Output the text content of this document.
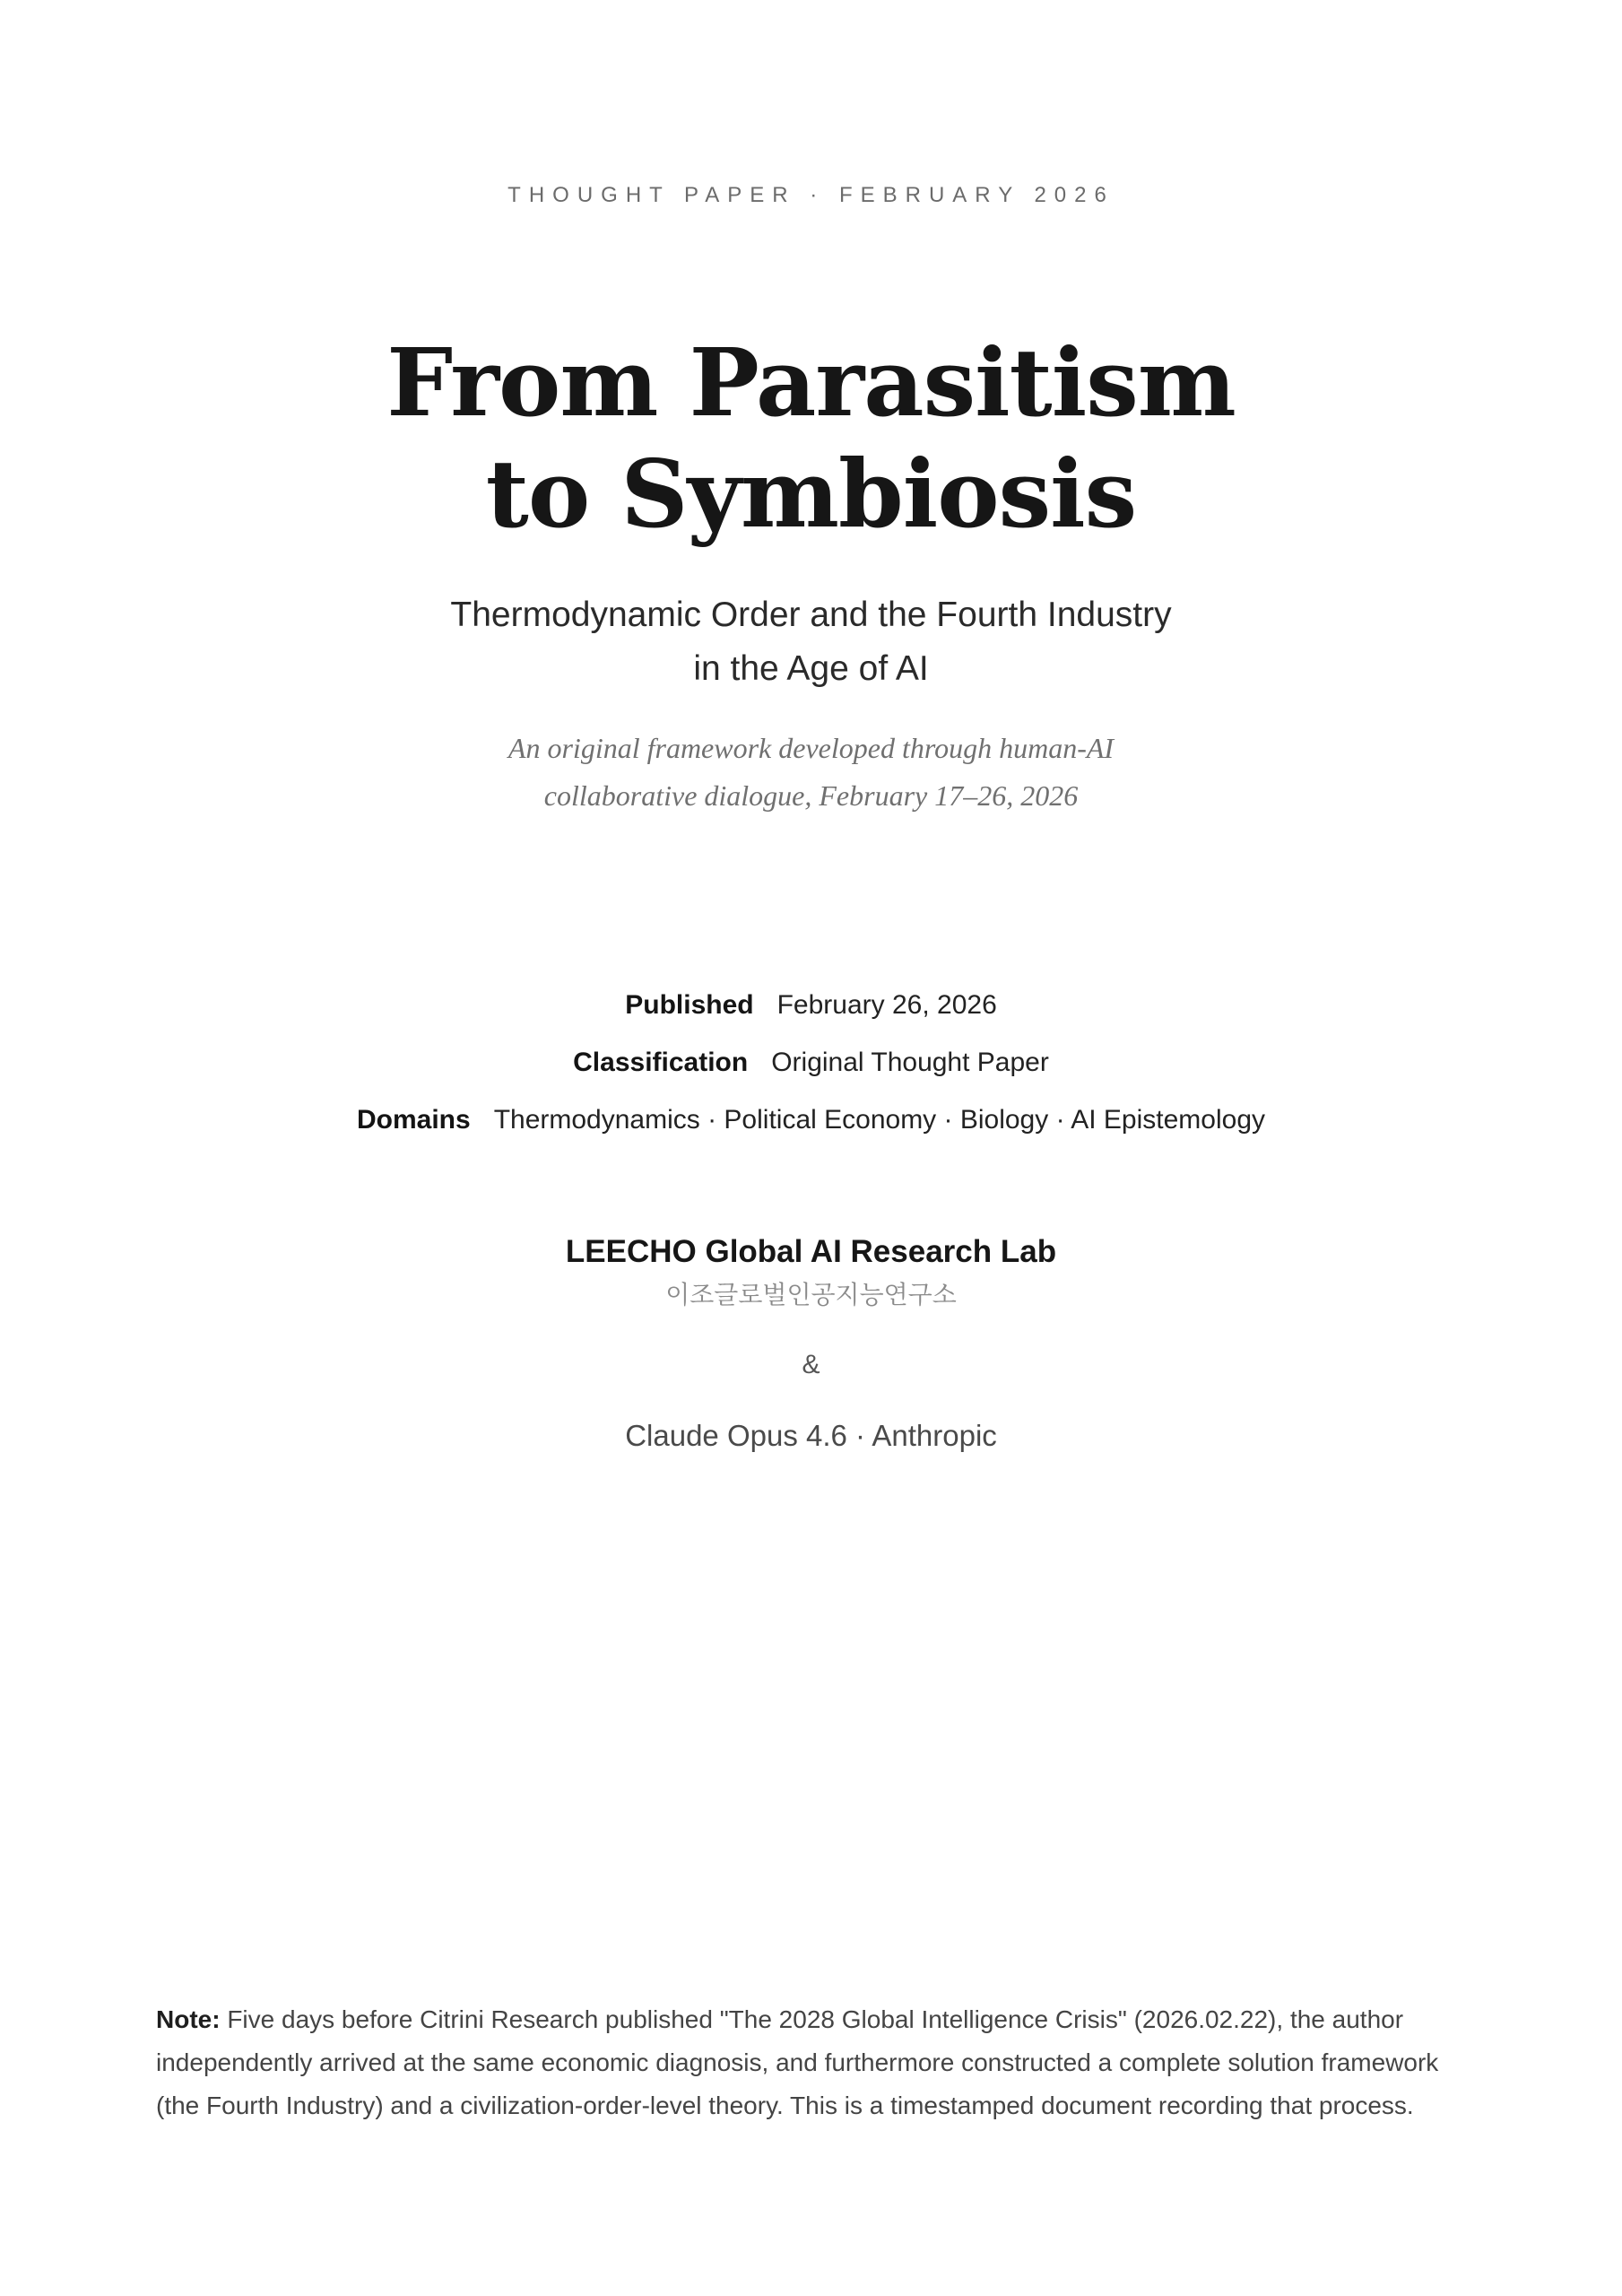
THOUGHT PAPER · FEBRUARY 2026
From Parasitism
to Symbiosis
Thermodynamic Order and the Fourth Industry
in the Age of AI
An original framework developed through human-AI
collaborative dialogue, February 17–26, 2026
Published February 26, 2026
Classification Original Thought Paper
Domains Thermodynamics · Political Economy · Biology · AI Epistemology
LEECHO Global AI Research Lab
이조글로벌인공지능연구소
&
Claude Opus 4.6 · Anthropic
Note: Five days before Citrini Research published "The 2028 Global Intelligence Crisis" (2026.02.22), the author independently arrived at the same economic diagnosis, and furthermore constructed a complete solution framework (the Fourth Industry) and a civilization-order-level theory. This is a timestamped document recording that process.
